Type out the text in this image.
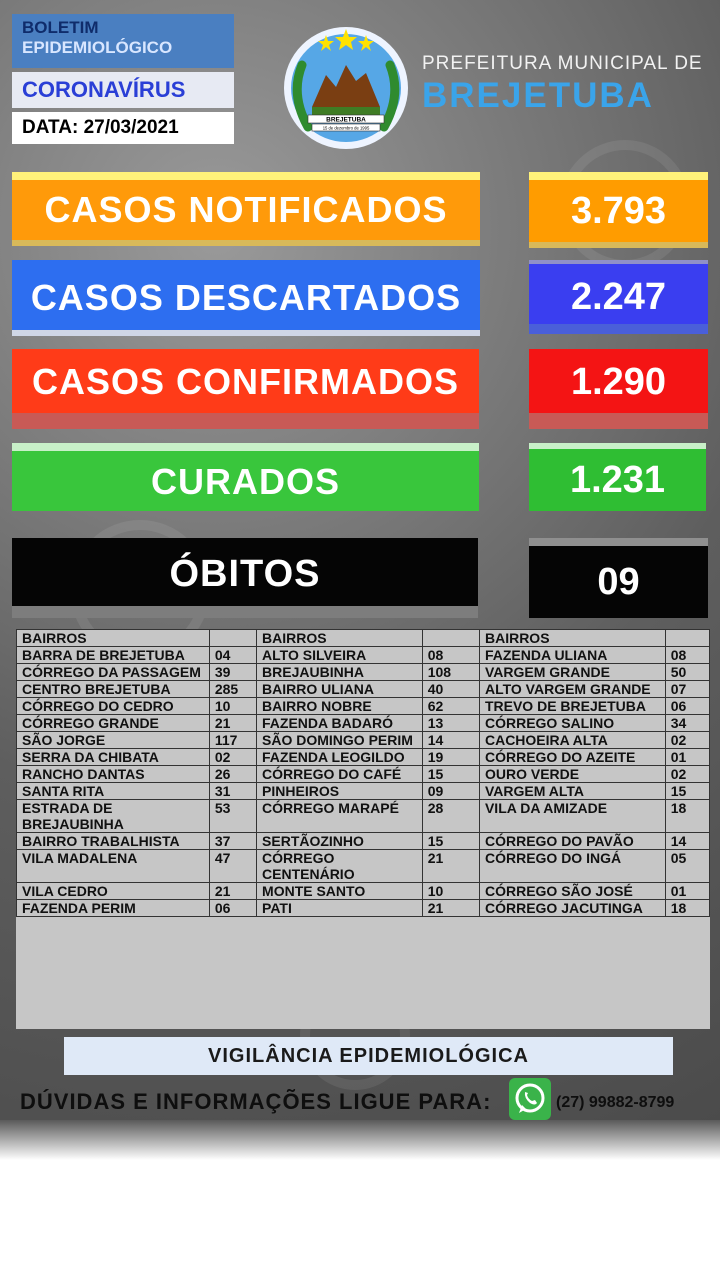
BOLETIM
EPIDEMIOLÓGICO
CORONAVÍRUS
DATA: 27/03/2021	BREJETUBA
15 de dezembro de 1995
PREFEITURA MUNICIPAL DE
BREJETUBA
CASOS NOTIFICADOS	3.793
CASOS DESCARTADOS	2.247
CASOS CONFIRMADOS	1.290
CURADOS	1.231
ÓBITOS	09
BAIRROS		BAIRROS		BAIRROS	
BARRA DE BREJETUBA	04	ALTO SILVEIRA	08	FAZENDA ULIANA	08
CÓRREGO DA PASSAGEM	39	BREJAUBINHA	108	VARGEM GRANDE	50
CENTRO BREJETUBA	285	BAIRRO ULIANA	40	ALTO VARGEM GRANDE	07
CÓRREGO DO CEDRO	10	BAIRRO NOBRE	62	TREVO DE BREJETUBA	06
CÓRREGO GRANDE	21	FAZENDA BADARÓ	13	CÓRREGO SALINO	34
SÃO JORGE	117	SÃO DOMINGO PERIM	14	CACHOEIRA ALTA	02
SERRA DA CHIBATA	02	FAZENDA LEOGILDO	19	CÓRREGO DO AZEITE	01
RANCHO DANTAS	26	CÓRREGO DO CAFÉ	15	OURO VERDE	02
SANTA RITA	31	PINHEIROS	09	VARGEM ALTA	15
ESTRADA DE BREJAUBINHA	53	CÓRREGO MARAPÉ	28	VILA DA AMIZADE	18
BAIRRO TRABALHISTA	37	SERTÃOZINHO	15	CÓRREGO DO PAVÃO	14
VILA MADALENA	47	CÓRREGO CENTENÁRIO	21	CÓRREGO DO INGÁ	05
VILA CEDRO	21	MONTE SANTO	10	CÓRREGO SÃO JOSÉ	01
FAZENDA PERIM	06	PATI	21	CÓRREGO JACUTINGA	18
VIGILÂNCIA EPIDEMIOLÓGICA
DÚVIDAS E INFORMAÇÕES LIGUE PARA:	(27) 99882-8799
